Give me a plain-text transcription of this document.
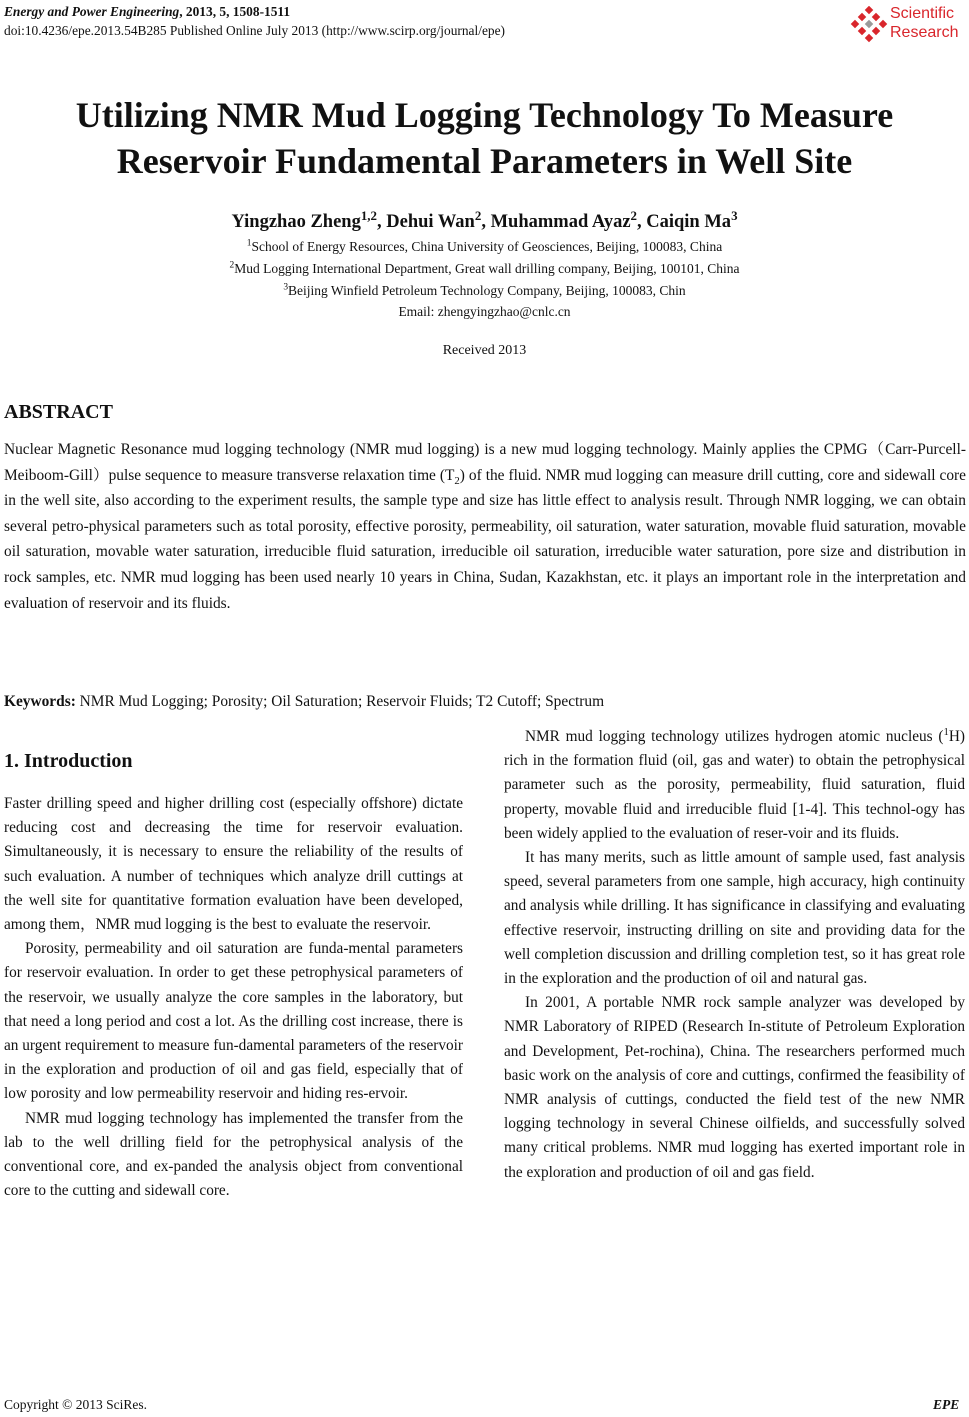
Energy and Power Engineering, 2013, 5, 1508-1511
doi:10.4236/epe.2013.54B285 Published Online July 2013 (http://www.scirp.org/journal/epe)
Scientific
Research
Utilizing NMR Mud Logging Technology To Measure
Reservoir Fundamental Parameters in Well Site
Yingzhao Zheng$^{1,2}$, Dehui Wan$^2$, Muhammad Ayaz$^2$, Caiqin Ma$^3$
$^1$School of Energy Resources, China University of Geosciences, Beijing, 100083, China
$^2$Mud Logging International Department, Great wall drilling company, Beijing, 100101, China
$^3$Beijing Winfield Petroleum Technology Company, Beijing, 100083, Chin
Email: zhengyingzhao@cnlc.cn
Received 2013
ABSTRACT
Nuclear Magnetic Resonance mud logging technology (NMR mud logging) is a new mud logging technology. Mainly applies the CPMG（Carr-Purcell-Meiboom-Gill）pulse sequence to measure transverse relaxation time $(T_2)$ of the fluid. NMR mud logging can measure drill cutting, core and sidewall core in the well site, also according to the experiment results, the sample type and size has little effect to analysis result. Through NMR logging, we can obtain several petro-physical parameters such as total porosity, effective porosity, permeability, oil saturation, water saturation, movable fluid saturation, movable oil saturation, movable water saturation, irreducible fluid saturation, irreducible oil saturation, irreducible water saturation, pore size and distribution in rock samples, etc. NMR mud logging has been used nearly 10 years in China, Sudan, Kazakhstan, etc. it plays an important role in the interpretation and evaluation of reservoir and its fluids.
Keywords: NMR Mud Logging; Porosity; Oil Saturation; Reservoir Fluids; T2 Cutoff; Spectrum
1. Introduction

Faster drilling speed and higher drilling cost (especially offshore) dictate reducing cost and decreasing the time for reservoir evaluation. Simultaneously, it is necessary to ensure the reliability of the results of such evaluation. A number of techniques which analyze drill cuttings at the well site for quantitative formation evaluation have been developed, among them，NMR mud logging is the best to evaluate the reservoir.

Porosity, permeability and oil saturation are funda-mental parameters for reservoir evaluation. In order to get these petrophysical parameters of the reservoir, we usually analyze the core samples in the laboratory, but that need a long period and cost a lot. As the drilling cost increase, there is an urgent requirement to measure fun-damental parameters of the reservoir in the exploration and production of oil and gas field, especially that of low porosity and low permeability reservoir and hiding res-ervoir.

NMR mud logging technology has implemented the transfer from the lab to the well drilling field for the petrophysical analysis of the conventional core, and ex-panded the analysis object from conventional core to the cutting and sidewall core.

NMR mud logging technology utilizes hydrogen atomic nucleus ($^1$H) rich in the formation fluid (oil, gas and water) to obtain the petrophysical parameter such as the porosity, permeability, fluid saturation, fluid property, movable fluid and irreducible fluid [1-4]. This technol-ogy has been widely applied to the evaluation of reser-voir and its fluids.

It has many merits, such as little amount of sample used, fast analysis speed, several parameters from one sample, high accuracy, high continuity and analysis while drilling. It has significance in classifying and evaluating effective reservoir, instructing drilling on site and providing data for the well completion discussion and drilling completion test, so it has great role in the exploration and the production of oil and natural gas.

In 2001, A portable NMR rock sample analyzer was developed by NMR Laboratory of RIPED (Research In-stitute of Petroleum Exploration and Development, Pet-rochina), China. The researchers performed much basic work on the analysis of core and cuttings, confirmed the feasibility of NMR analysis of cuttings, conducted the field test of the new NMR logging technology in several Chinese oilfields, and successfully solved many critical problems. NMR mud logging has exerted important role in the exploration and production of oil and gas field.

Copyright © 2013 SciRes.	EPE
